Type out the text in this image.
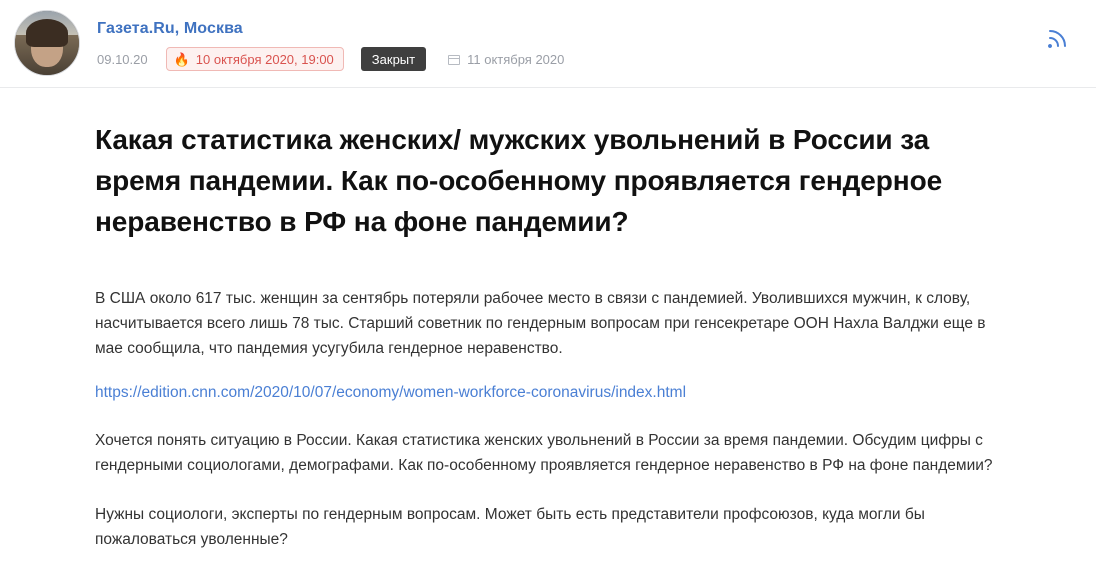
Газета.Ru, Москва
09.10.20 🔥 10 октября 2020, 19:00	Закрыт	11 октября 2020
Какая статистика женских/ мужских увольнений в России за время пандемии. Как по-особенному проявляется гендерное неравенство в РФ на фоне пандемии?

В США около 617 тыс. женщин за сентябрь потеряли рабочее место в связи с пандемией. Уволившихся мужчин, к слову, насчитывается всего лишь 78 тыс. Старший советник по гендерным вопросам при генсекретаре ООН Нахла Валджи еще в мае сообщила, что пандемия усугубила гендерное неравенство.

https://edition.cnn.com/2020/10/07/economy/women-workforce-coronavirus/index.html

Хочется понять ситуацию в России. Какая статистика женских увольнений в России за время пандемии. Обсудим цифры с гендерными социологами, демографами. Как по-особенному проявляется гендерное неравенство в РФ на фоне пандемии?

Нужны социологи, эксперты по гендерным вопросам. Может быть есть представители профсоюзов, куда могли бы пожаловаться уволенные?
